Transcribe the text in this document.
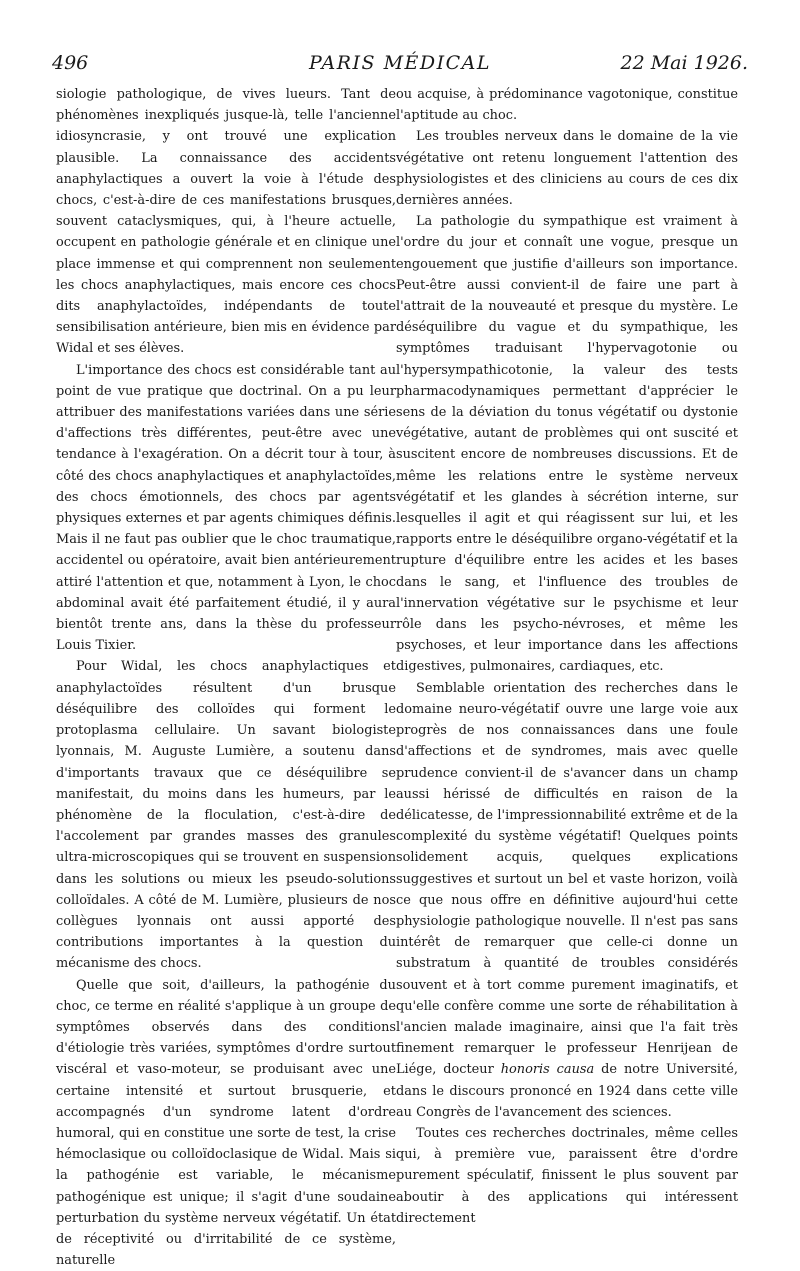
496	PARIS MÉDICAL	22 Mai 1926.

siologie pathologique, de vives lueurs. Tant de phénomènes inexpliqués jusque-là, telle l'ancienne idiosyncrasie, y ont trouvé une explication plausible. La connaissance des accidents anaphylactiques a ouvert la voie à l'étude des chocs, c'est-à-dire de ces manifestations brusques, souvent cataclysmiques, qui, à l'heure actuelle, occupent en pathologie générale et en clinique une place immense et qui comprennent non seulement les chocs anaphylactiques, mais encore ces chocs dits anaphylactoïdes, indépendants de toute sensibilisation antérieure, bien mis en évidence par Widal et ses élèves.

L'importance des chocs est considérable tant au point de vue pratique que doctrinal. On a pu leur attribuer des manifestations variées dans une série d'affections très différentes, peut-être avec une tendance à l'exagération. On a décrit tour à tour, à côté des chocs anaphylactiques et anaphylactoïdes, des chocs émotionnels, des chocs par agents physiques externes et par agents chimiques définis. Mais il ne faut pas oublier que le choc traumatique, accidentel ou opératoire, avait bien antérieurement attiré l'attention et que, notamment à Lyon, le choc abdominal avait été parfaitement étudié, il y aura bientôt trente ans, dans la thèse du professeur Louis Tixier.

Pour Widal, les chocs anaphylactiques et anaphylactoïdes résultent d'un brusque déséquilibre des colloïdes qui forment le protoplasma cellulaire. Un savant biologiste lyonnais, M. Auguste Lumière, a soutenu dans d'importants travaux que ce déséquilibre se manifestait, du moins dans les humeurs, par le phénomène de la floculation, c'est-à-dire de l'accolement par grandes masses des granules ultra-microscopiques qui se trouvent en suspension dans les solutions ou mieux les pseudo-solutions colloïdales. A côté de M. Lumière, plusieurs de nos collègues lyonnais ont aussi apporté des contributions importantes à la question du mécanisme des chocs.

Quelle que soit, d'ailleurs, la pathogénie du choc, ce terme en réalité s'applique à un groupe de symptômes observés dans des conditions d'étiologie très variées, symptômes d'ordre surtout viscéral et vaso-moteur, se produisant avec une certaine intensité et surtout brusquerie, et accompagnés d'un syndrome latent d'ordre humoral, qui en constitue une sorte de test, la crise hémoclasique ou colloïdoclasique de Widal. Mais si la pathogénie est variable, le mécanisme pathogénique est unique; il s'agit d'une soudaine perturbation du système nerveux végétatif. Un état de réceptivité ou d'irritabilité de ce système, naturelle

ou acquise, à prédominance vagotonique, constitue l'aptitude au choc.

Les troubles nerveux dans le domaine de la vie végétative ont retenu longuement l'attention des physiologistes et des cliniciens au cours de ces dix dernières années.

La pathologie du sympathique est vraiment à l'ordre du jour et connaît une vogue, presque un engouement que justifie d'ailleurs son importance. Peut-être aussi convient-il de faire une part à l'attrait de la nouveauté et presque du mystère. Le déséquilibre du vague et du sympathique, les symptômes traduisant l'hypervagotonie ou l'hypersympathicotonie, la valeur des tests pharmacodynamiques permettant d'apprécier le sens de la déviation du tonus végétatif ou dystonie végétative, autant de problèmes qui ont suscité et suscitent encore de nombreuses discussions. Et de même les relations entre le système nerveux végétatif et les glandes à sécrétion interne, sur lesquelles il agit et qui réagissent sur lui, et les rapports entre le déséquilibre organo-végétatif et la rupture d'équilibre entre les acides et les bases dans le sang, et l'influence des troubles de l'innervation végétative sur le psychisme et leur rôle dans les psycho-névroses, et même les psychoses, et leur importance dans les affections digestives, pulmonaires, cardiaques, etc.

Semblable orientation des recherches dans le domaine neuro-végétatif ouvre une large voie aux progrès de nos connaissances dans une foule d'affections et de syndromes, mais avec quelle prudence convient-il de s'avancer dans un champ aussi hérissé de difficultés en raison de la délicatesse, de l'impressionnabilité extrême et de la complexité du système végétatif! Quelques points solidement acquis, quelques explications suggestives et surtout un bel et vaste horizon, voilà ce que nous offre en définitive aujourd'hui cette physiologie pathologique nouvelle. Il n'est pas sans intérêt de remarquer que celle-ci donne un substratum à quantité de troubles considérés souvent et à tort comme purement imaginatifs, et qu'elle confère comme une sorte de réhabilitation à l'ancien malade imaginaire, ainsi que l'a fait très finement remarquer le professeur Henrijean de Liége, docteur honoris causa de notre Université, dans le discours prononcé en 1924 dans cette ville au Congrès de l'avancement des sciences.

Toutes ces recherches doctrinales, même celles qui, à première vue, paraissent être d'ordre purement spéculatif, finissent le plus souvent par aboutir à des applications qui intéressent directement
